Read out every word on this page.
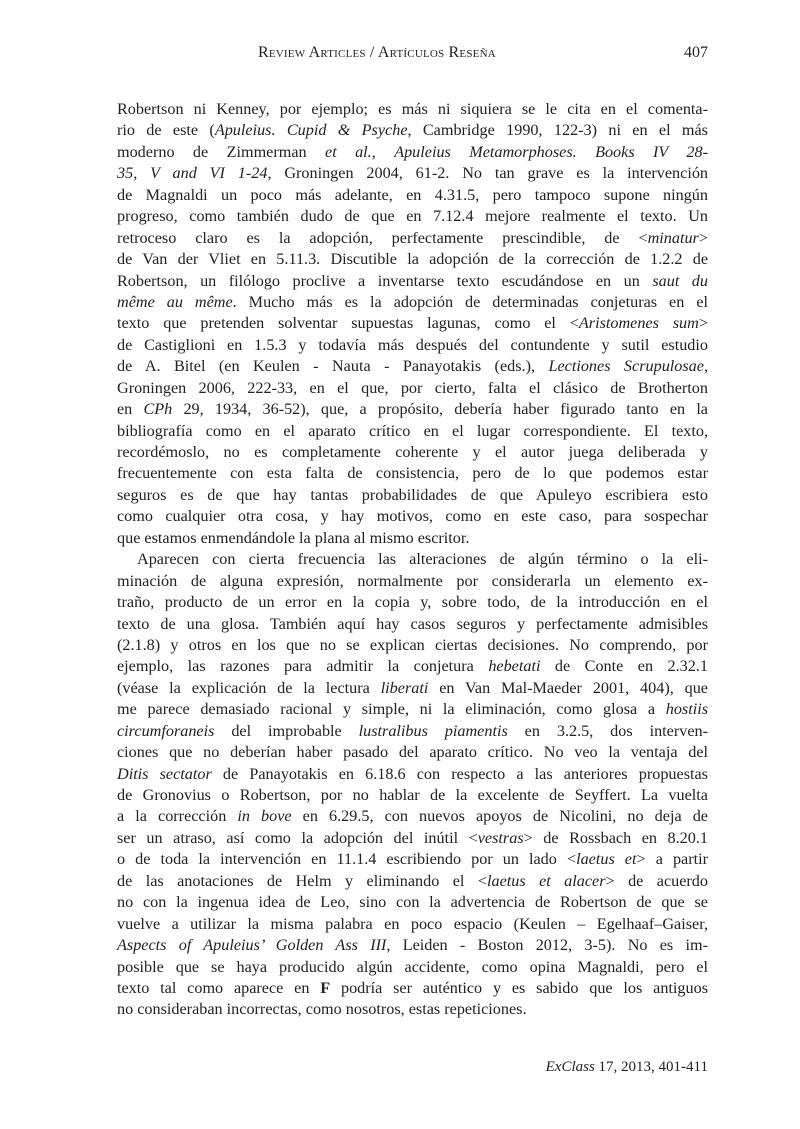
Review Articles / Artículos Reseña	407
Robertson ni Kenney, por ejemplo; es más ni siquiera se le cita en el comenta-
rio de este (Apuleius. Cupid & Psyche, Cambridge 1990, 122-3) ni en el más
moderno de Zimmerman et al., Apuleius Metamorphoses. Books IV 28-
35, V and VI 1-24, Groningen 2004, 61-2. No tan grave es la intervención
de Magnaldi un poco más adelante, en 4.31.5, pero tampoco supone ningún
progreso, como también dudo de que en 7.12.4 mejore realmente el texto. Un
retroceso claro es la adopción, perfectamente prescindible, de <minatur>
de Van der Vliet en 5.11.3. Discutible la adopción de la corrección de 1.2.2 de
Robertson, un filólogo proclive a inventarse texto escudándose en un saut du
même au même. Mucho más es la adopción de determinadas conjeturas en el
texto que pretenden solventar supuestas lagunas, como el <Aristomenes sum>
de Castiglioni en 1.5.3 y todavía más después del contundente y sutil estudio
de A. Bitel (en Keulen - Nauta - Panayotakis (eds.), Lectiones Scrupulosae,
Groningen 2006, 222-33, en el que, por cierto, falta el clásico de Brotherton
en CPh 29, 1934, 36-52), que, a propósito, debería haber figurado tanto en la
bibliografía como en el aparato crítico en el lugar correspondiente. El texto,
recordémoslo, no es completamente coherente y el autor juega deliberada y
frecuentemente con esta falta de consistencia, pero de lo que podemos estar
seguros es de que hay tantas probabilidades de que Apuleyo escribiera esto
como cualquier otra cosa, y hay motivos, como en este caso, para sospechar
que estamos enmendándole la plana al mismo escritor.
Aparecen con cierta frecuencia las alteraciones de algún término o la eli-
minación de alguna expresión, normalmente por considerarla un elemento ex-
traño, producto de un error en la copia y, sobre todo, de la introducción en el
texto de una glosa. También aquí hay casos seguros y perfectamente admisibles
(2.1.8) y otros en los que no se explican ciertas decisiones. No comprendo, por
ejemplo, las razones para admitir la conjetura hebetati de Conte en 2.32.1
(véase la explicación de la lectura liberati en Van Mal-Maeder 2001, 404), que
me parece demasiado racional y simple, ni la eliminación, como glosa a hostiis
circumforaneis del improbable lustralibus piamentis en 3.2.5, dos interven-
ciones que no deberían haber pasado del aparato crítico. No veo la ventaja del
Ditis sectator de Panayotakis en 6.18.6 con respecto a las anteriores propuestas
de Gronovius o Robertson, por no hablar de la excelente de Seyffert. La vuelta
a la corrección in bove en 6.29.5, con nuevos apoyos de Nicolini, no deja de
ser un atraso, así como la adopción del inútil <vestras> de Rossbach en 8.20.1
o de toda la intervención en 11.1.4 escribiendo por un lado <laetus et> a partir
de las anotaciones de Helm y eliminando el <laetus et alacer> de acuerdo
no con la ingenua idea de Leo, sino con la advertencia de Robertson de que se
vuelve a utilizar la misma palabra en poco espacio (Keulen – Egelhaaf–Gaiser,
Aspects of Apuleius’ Golden Ass III, Leiden - Boston 2012, 3-5). No es im-
posible que se haya producido algún accidente, como opina Magnaldi, pero el
texto tal como aparece en F podría ser auténtico y es sabido que los antiguos
no consideraban incorrectas, como nosotros, estas repeticiones.
ExClass 17, 2013, 401-411
